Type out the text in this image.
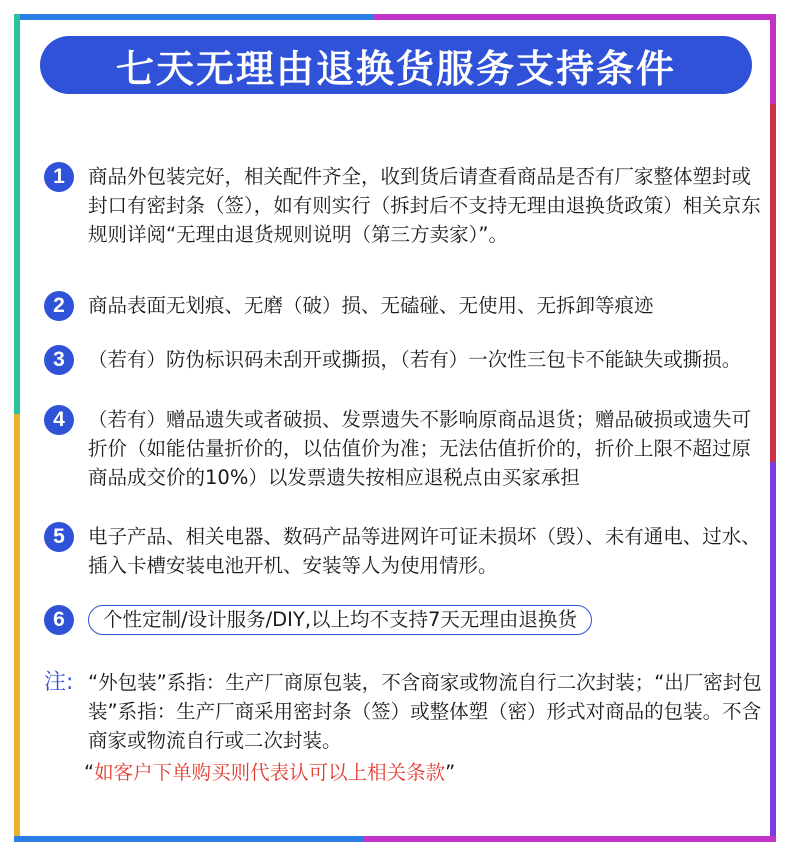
七天无理由退换货服务支持条件
1	商品外包装完好，相关配件齐全，收到货后请查看商品是否有厂家整体塑封或封口有密封条（签），如有则实行（拆封后不支持无理由退换货政策）相关京东规则详阅“无理由退货规则说明（第三方卖家）”。
2	商品表面无划痕、无磨（破）损、无磕碰、无使用、无拆卸等痕迹
3	（若有）防伪标识码未刮开或撕损，（若有）一次性三包卡不能缺失或撕损。
4	（若有）赠品遗失或者破损、发票遗失不影响原商品退货；赠品破损或遗失可折价（如能估量折价的，以估值价为准；无法估值折价的，折价上限不超过原商品成交价的10%）以发票遗失按相应退税点由买家承担
5	电子产品、相关电器、数码产品等进网许可证未损坏（毁）、未有通电、过水、插入卡槽安装电池开机、安装等人为使用情形。
6	个性定制/设计服务/DIY,以上均不支持7天无理由退换货
注: “外包装”系指：生产厂商原包装，不含商家或物流自行二次封装；“出厂密封包装”系指：生产厂商采用密封条（签）或整体塑（密）形式对商品的包装。不含商家或物流自行或二次封装。
“如客户下单购买则代表认可以上相关条款”
